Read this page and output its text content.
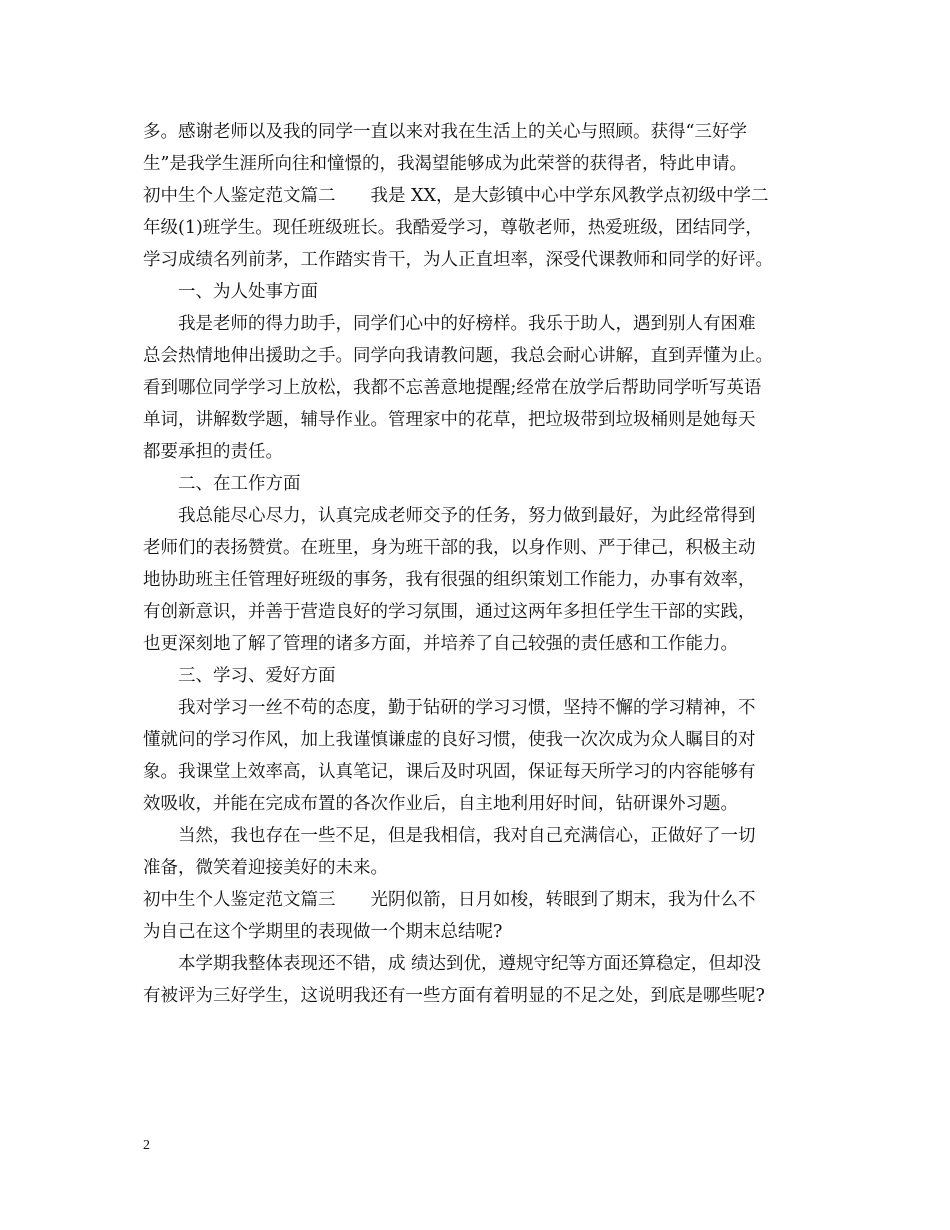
多。感谢老师以及我的同学一直以来对我在生活上的关心与照顾。获得“三好学
生”是我学生涯所向往和憧憬的，我渴望能够成为此荣誉的获得者，特此申请。
初中生个人鉴定范文篇二　　我是 XX，是大彭镇中心中学东风教学点初级中学二
年级(1)班学生。现任班级班长。我酷爱学习，尊敬老师，热爱班级，团结同学，
学习成绩名列前茅，工作踏实肯干，为人正直坦率，深受代课教师和同学的好评。
一、为人处事方面
我是老师的得力助手，同学们心中的好榜样。我乐于助人，遇到别人有困难
总会热情地伸出援助之手。同学向我请教问题，我总会耐心讲解，直到弄懂为止。
看到哪位同学学习上放松，我都不忘善意地提醒;经常在放学后帮助同学听写英语
单词，讲解数学题，辅导作业。管理家中的花草，把垃圾带到垃圾桶则是她每天
都要承担的责任。
二、在工作方面
我总能尽心尽力，认真完成老师交予的任务，努力做到最好，为此经常得到
老师们的表扬赞赏。在班里，身为班干部的我，以身作则、严于律己，积极主动
地协助班主任管理好班级的事务，我有很强的组织策划工作能力，办事有效率，
有创新意识，并善于营造良好的学习氛围，通过这两年多担任学生干部的实践，
也更深刻地了解了管理的诸多方面，并培养了自己较强的责任感和工作能力。
三、学习、爱好方面
我对学习一丝不苟的态度，勤于钻研的学习习惯，坚持不懈的学习精神，不
懂就问的学习作风，加上我谨慎谦虚的良好习惯，使我一次次成为众人瞩目的对
象。我课堂上效率高，认真笔记，课后及时巩固，保证每天所学习的内容能够有
效吸收，并能在完成布置的各次作业后，自主地利用好时间，钻研课外习题。
当然，我也存在一些不足，但是我相信，我对自己充满信心，正做好了一切
准备，微笑着迎接美好的未来。
初中生个人鉴定范文篇三　　光阴似箭，日月如梭，转眼到了期末，我为什么不
为自己在这个学期里的表现做一个期末总结呢?
本学期我整体表现还不错，成 绩达到优，遵规守纪等方面还算稳定，但却没
有被评为三好学生，这说明我还有一些方面有着明显的不足之处，到底是哪些呢?
2
